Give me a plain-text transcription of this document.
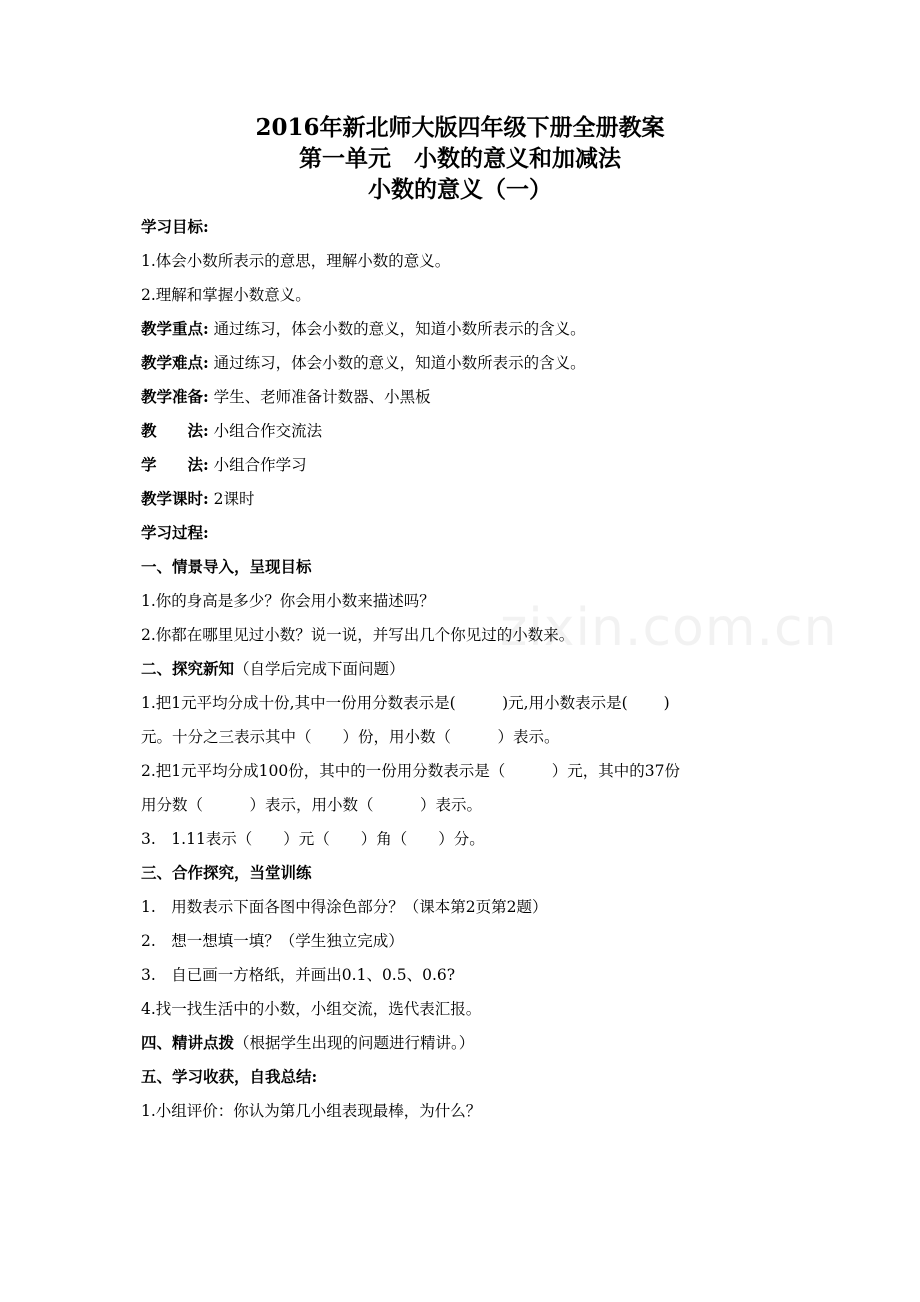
zixin.com.cn

2016年新北师大版四年级下册全册教案

第一单元　小数的意义和加减法

小数的意义（一）

学习目标:

1.体会小数所表示的意思，理解小数的意义。

2.理解和掌握小数意义。

教学重点: 通过练习，体会小数的意义，知道小数所表示的含义。

教学难点: 通过练习，体会小数的意义，知道小数所表示的含义。

教学准备: 学生、老师准备计数器、小黑板

教　　法: 小组合作交流法

学　　法: 小组合作学习

教学课时: 2课时

学习过程:

一、情景导入，呈现目标

1.你的身高是多少？你会用小数来描述吗？

2.你都在哪里见过小数？说一说，并写出几个你见过的小数来。

二、探究新知（自学后完成下面问题）

1.把1元平均分成十份,其中一份用分数表示是(　　　)元,用小数表示是(　　 )

元。十分之三表示其中（　　）份，用小数（　　　）表示。

2.把1元平均分成100份，其中的一份用分数表示是（　　　）元，其中的37份

用分数（　　　）表示，用小数（　　　）表示。

3.　1.11表示（　　）元（　　）角（　　）分。

三、合作探究，当堂训练

1.　用数表示下面各图中得涂色部分？（课本第2页第2题）

2.　想一想填一填？（学生独立完成）

3.　自已画一方格纸，并画出0.1、0.5、0.6?

4.找一找生活中的小数，小组交流，选代表汇报。

四、精讲点拨（根据学生出现的问题进行精讲。）

五、学习收获，自我总结:

1.小组评价：你认为第几小组表现最棒，为什么？
